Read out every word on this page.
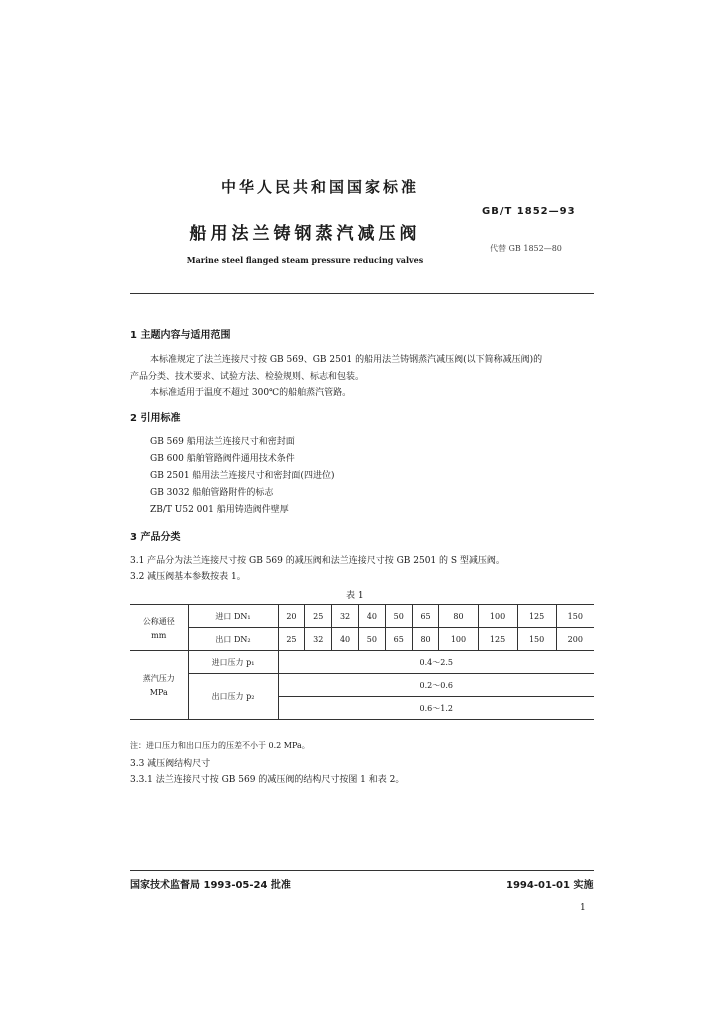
中华人民共和国国家标准
GB/T 1852—93
船用法兰铸钢蒸汽减压阀
代替 GB 1852—80
Marine steel flanged steam pressure reducing valves
1 主题内容与适用范围
本标准规定了法兰连接尺寸按 GB 569、GB 2501 的船用法兰铸钢蒸汽减压阀(以下简称减压阀)的
产品分类、技术要求、试验方法、检验规则、标志和包装。
本标准适用于温度不超过 300℃的船舶蒸汽管路。
2 引用标准
GB 569 船用法兰连接尺寸和密封面
GB 600 船舶管路阀件通用技术条件
GB 2501 船用法兰连接尺寸和密封面(四进位)
GB 3032 船舶管路附件的标志
ZB/T U52 001 船用铸造阀件壁厚
3 产品分类
3.1 产品分为法兰连接尺寸按 GB 569 的减压阀和法兰连接尺寸按 GB 2501 的 S 型减压阀。
3.2 减压阀基本参数按表 1。
表 1
公称通径
mm	进口 DN₁	20	25	32	40	50	65	80	100	125	150
	出口 DN₂	25	32	40	50	65	80	100	125	150	200

蒸汽压力
MPa	进口压力 p₁	0.4～2.5									
	出口压力 p₂	0.2～0.6									
		0.6～1.2									
注：进口压力和出口压力的压差不小于 0.2 MPa。
3.3 减压阀结构尺寸
3.3.1 法兰连接尺寸按 GB 569 的减压阀的结构尺寸按图 1 和表 2。
国家技术监督局 1993-05-24 批准	1994-01-01 实施
1
